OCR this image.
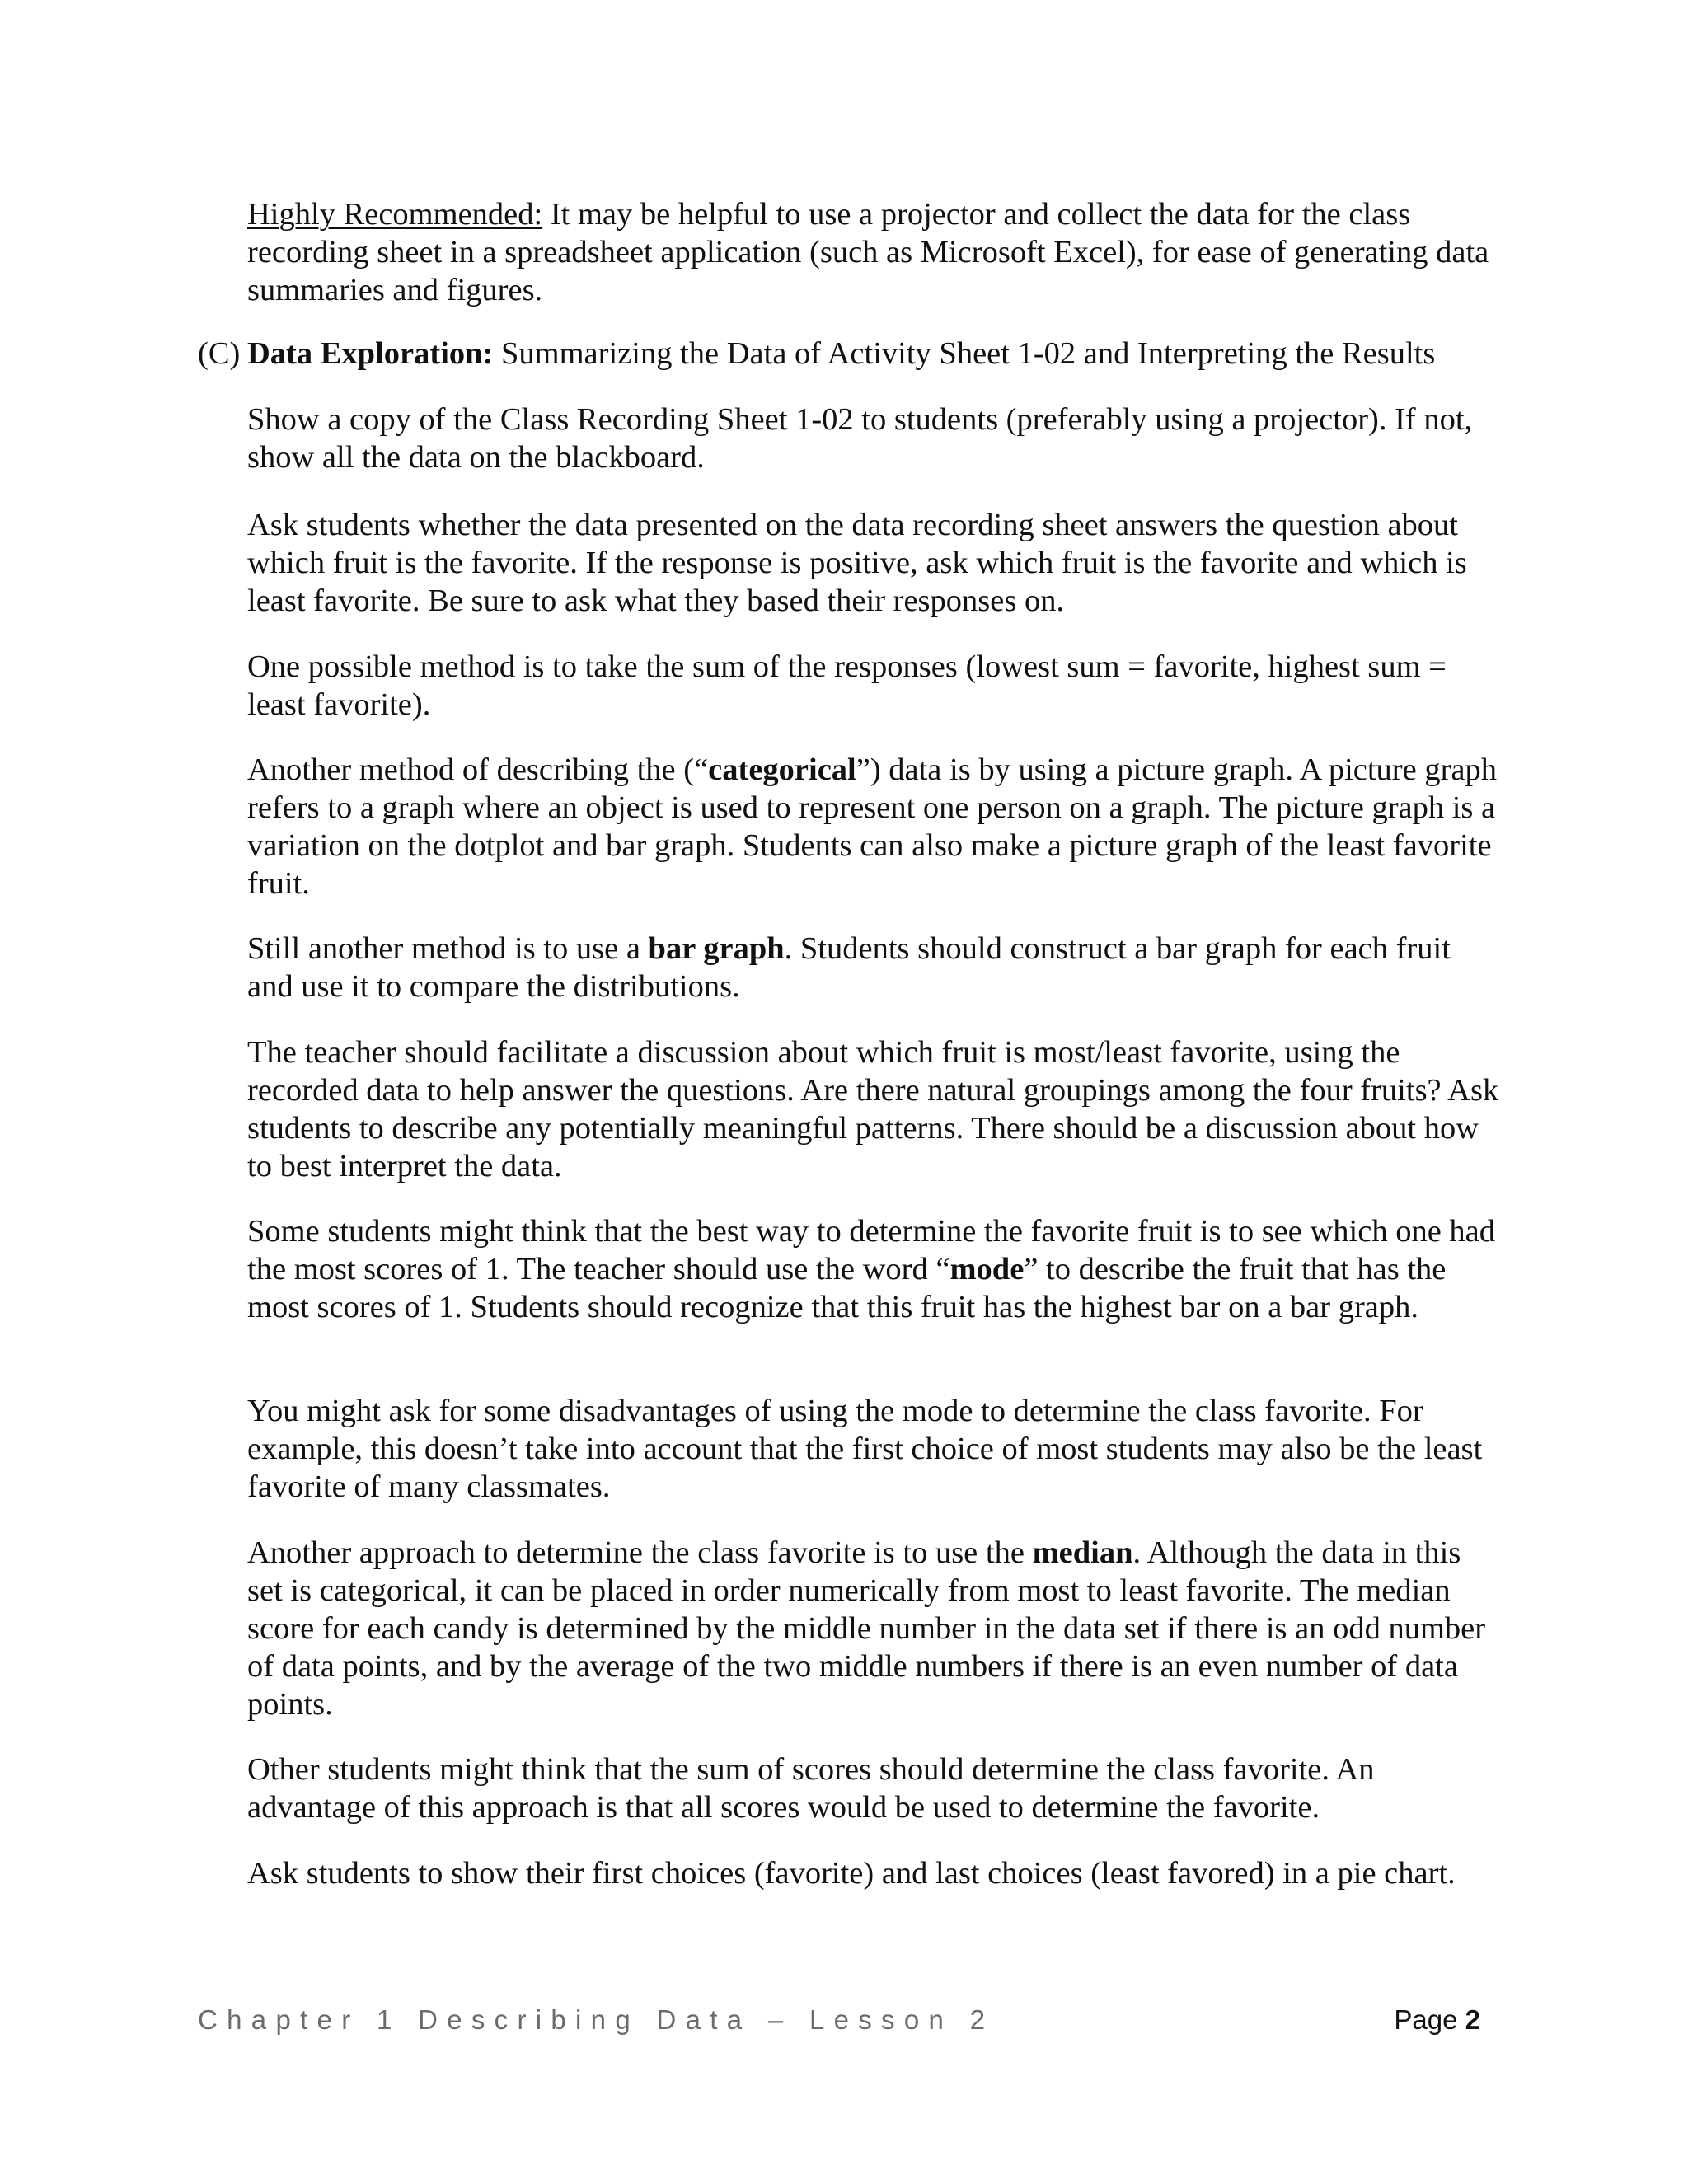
Highly Recommended: It may be helpful to use a projector and collect the data for the class recording sheet in a spreadsheet application (such as Microsoft Excel), for ease of generating data summaries and figures.

(C) Data Exploration: Summarizing the Data of Activity Sheet 1-02 and Interpreting the Results

Show a copy of the Class Recording Sheet 1-02 to students (preferably using a projector). If not, show all the data on the blackboard.

Ask students whether the data presented on the data recording sheet answers the question about which fruit is the favorite. If the response is positive, ask which fruit is the favorite and which is least favorite. Be sure to ask what they based their responses on.

One possible method is to take the sum of the responses (lowest sum = favorite, highest sum = least favorite).

Another method of describing the (“categorical”) data is by using a picture graph. A picture graph refers to a graph where an object is used to represent one person on a graph. The picture graph is a variation on the dotplot and bar graph. Students can also make a picture graph of the least favorite fruit.

Still another method is to use a bar graph. Students should construct a bar graph for each fruit and use it to compare the distributions.

The teacher should facilitate a discussion about which fruit is most/least favorite, using the recorded data to help answer the questions. Are there natural groupings among the four fruits? Ask students to describe any potentially meaningful patterns. There should be a discussion about how to best interpret the data.

Some students might think that the best way to determine the favorite fruit is to see which one had the most scores of 1. The teacher should use the word “mode” to describe the fruit that has the most scores of 1. Students should recognize that this fruit has the highest bar on a bar graph.

You might ask for some disadvantages of using the mode to determine the class favorite. For example, this doesn’t take into account that the first choice of most students may also be the least favorite of many classmates.

Another approach to determine the class favorite is to use the median. Although the data in this set is categorical, it can be placed in order numerically from most to least favorite. The median score for each candy is determined by the middle number in the data set if there is an odd number of data points, and by the average of the two middle numbers if there is an even number of data points.

Other students might think that the sum of scores should determine the class favorite. An advantage of this approach is that all scores would be used to determine the favorite.

Ask students to show their first choices (favorite) and last choices (least favored) in a pie chart.

Chapter 1 Describing Data – Lesson 2	Page 2
